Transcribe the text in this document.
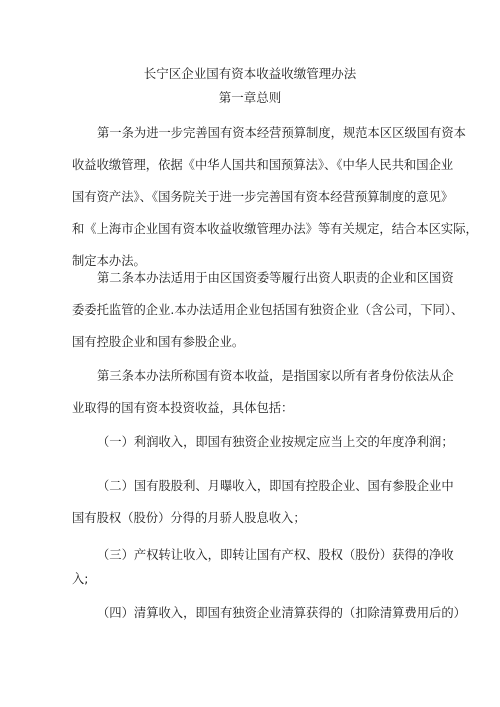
长宁区企业国有资本收益收缴管理办法
第一章总则
第一条为进一步完善国有资本经营预算制度，规范本区区级国有资本
收益收缴管理，依据《中华人国共和国预算法》、《中华人民共和国企业
国有资产法》、《国务院关于进一步完善国有资本经营预算制度的意见》
和《上海市企业国有资本收益收缴管理办法》等有关规定，结合本区实际，
制定本办法。
第二条本办法适用于由区国资委等履行出资人职责的企业和区国资
委委托监管的企业.本办法适用企业包括国有独资企业（含公司，下同）、
国有控股企业和国有参股企业。
第三条本办法所称国有资本收益，是指国家以所有者身份依法从企
业取得的国有资本投资收益，具体包括：
（一）利润收入，即国有独资企业按规定应当上交的年度净利润；
（二）国有股股利、月曝收入，即国有控股企业、国有参股企业中
国有股权（股份）分得的月骄人股息收入；
（三）产权转让收入，即转让国有产权、股权（股份）获得的净收
入;
（四）清算收入，即国有独资企业清算获得的（扣除清算费用后的）
